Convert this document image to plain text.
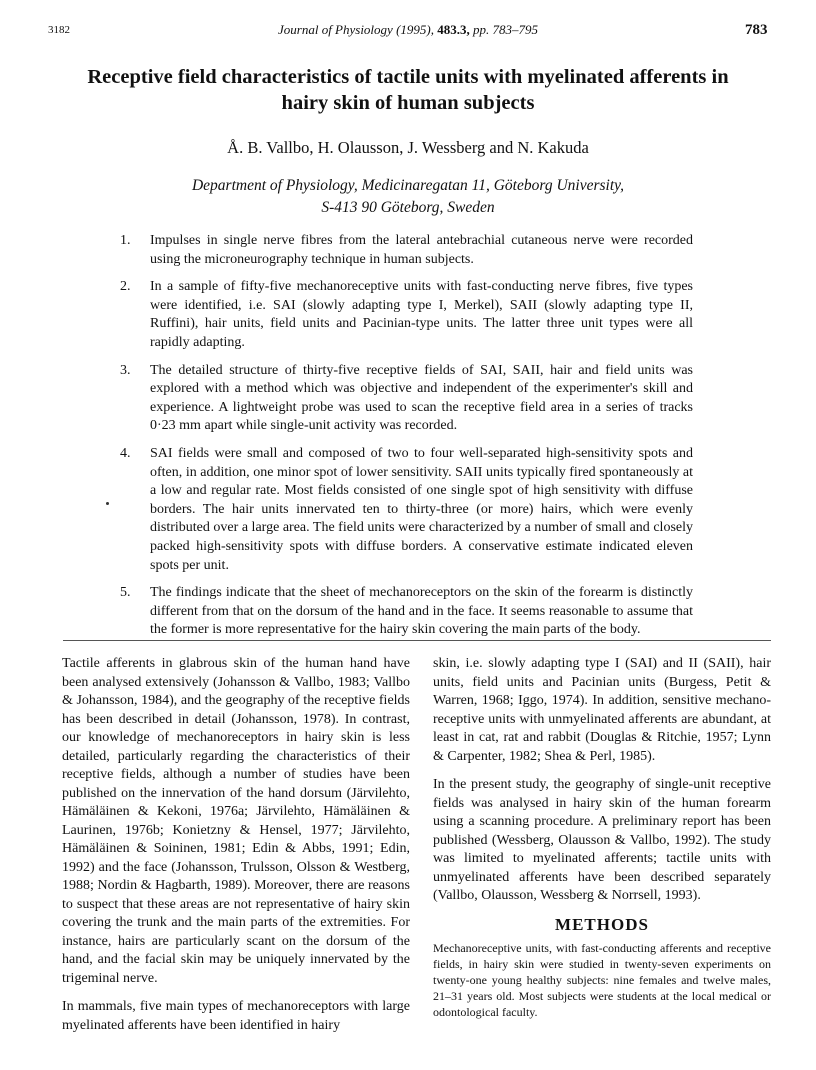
3182	Journal of Physiology (1995), 483.3, pp. 783–795	783
Receptive field characteristics of tactile units with myelinated afferents in hairy skin of human subjects
Å. B. Vallbo, H. Olausson, J. Wessberg and N. Kakuda
Department of Physiology, Medicinaregatan 11, Göteborg University,
S-413 90 Göteborg, Sweden
1. Impulses in single nerve fibres from the lateral antebrachial cutaneous nerve were recorded using the microneurography technique in human subjects.
2. In a sample of fifty-five mechanoreceptive units with fast-conducting nerve fibres, five types were identified, i.e. SAI (slowly adapting type I, Merkel), SAII (slowly adapting type II, Ruffini), hair units, field units and Pacinian-type units. The latter three unit types were all rapidly adapting.
3. The detailed structure of thirty-five receptive fields of SAI, SAII, hair and field units was explored with a method which was objective and independent of the experimenter's skill and experience. A lightweight probe was used to scan the receptive field area in a series of tracks 0·23 mm apart while single-unit activity was recorded.
4. SAI fields were small and composed of two to four well-separated high-sensitivity spots and often, in addition, one minor spot of lower sensitivity. SAII units typically fired spontaneously at a low and regular rate. Most fields consisted of one single spot of high sensitivity with diffuse borders. The hair units innervated ten to thirty-three (or more) hairs, which were evenly distributed over a large area. The field units were characterized by a number of small and closely packed high-sensitivity spots with diffuse borders. A conservative estimate indicated eleven spots per unit.
5. The findings indicate that the sheet of mechanoreceptors on the skin of the forearm is distinctly different from that on the dorsum of the hand and in the face. It seems reasonable to assume that the former is more representative for the hairy skin covering the main parts of the body.

Tactile afferents in glabrous skin of the human hand have been analysed extensively (Johansson & Vallbo, 1983; Vallbo & Johansson, 1984), and the geography of the receptive fields has been described in detail (Johansson, 1978). In contrast, our knowledge of mechanoreceptors in hairy skin is less detailed, particularly regarding the characteristics of their receptive fields, although a number of studies have been published on the innervation of the hand dorsum (Järvilehto, Hämäläinen & Kekoni, 1976a; Järvilehto, Hämäläinen & Laurinen, 1976b; Konietzny & Hensel, 1977; Järvilehto, Hämäläinen & Soininen, 1981; Edin & Abbs, 1991; Edin, 1992) and the face (Johansson, Trulsson, Olsson & Westberg, 1988; Nordin & Hagbarth, 1989). Moreover, there are reasons to suspect that these areas are not representative of hairy skin covering the trunk and the main parts of the extremities. For instance, hairs are particularly scant on the dorsum of the hand, and the facial skin may be uniquely innervated by the trigeminal nerve.

In mammals, five main types of mechanoreceptors with large myelinated afferents have been identified in hairy

skin, i.e. slowly adapting type I (SAI) and II (SAII), hair units, field units and Pacinian units (Burgess, Petit & Warren, 1968; Iggo, 1974). In addition, sensitive mechano-receptive units with unmyelinated afferents are abundant, at least in cat, rat and rabbit (Douglas & Ritchie, 1957; Lynn & Carpenter, 1982; Shea & Perl, 1985).

In the present study, the geography of single-unit receptive fields was analysed in hairy skin of the human forearm using a scanning procedure. A preliminary report has been published (Wessberg, Olausson & Vallbo, 1992). The study was limited to myelinated afferents; tactile units with unmyelinated afferents have been described separately (Vallbo, Olausson, Wessberg & Norrsell, 1993).

METHODS
Mechanoreceptive units, with fast-conducting afferents and receptive fields, in hairy skin were studied in twenty-seven experiments on twenty-one young healthy subjects: nine females and twelve males, 21–31 years old. Most subjects were students at the local medical or odontological faculty.
